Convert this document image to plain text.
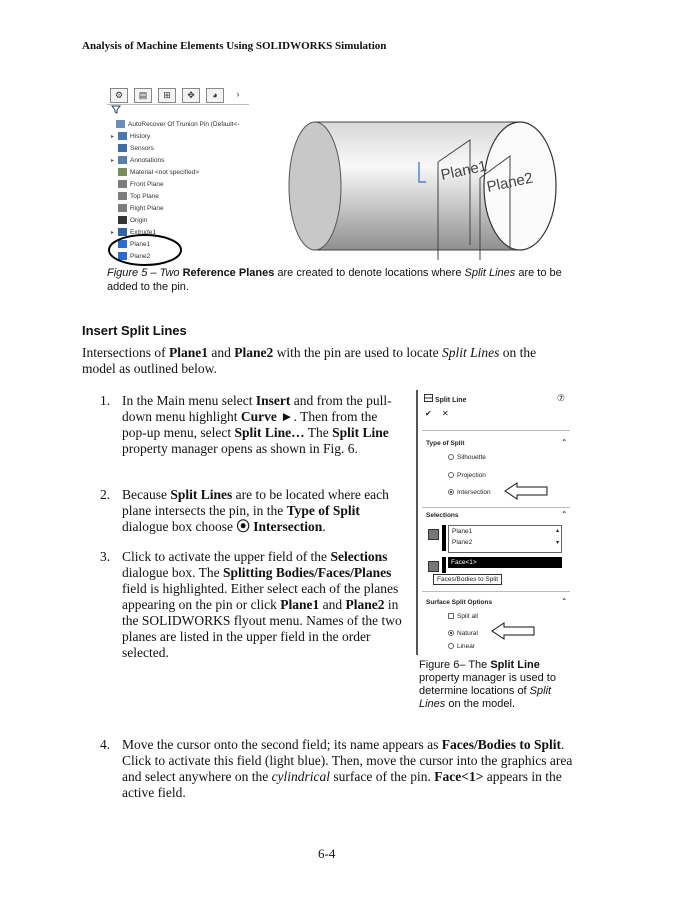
Analysis of Machine Elements Using SOLIDWORKS Simulation
⚙	▤	⊞	✥	◕	›
AutoRecover Of Trunion Pin (Default<-
▸ History
Sensors
▸ Annotations
Material <not specified>
Front Plane
Top Plane
Right Plane
Origin
▸ Extrude1
Plane1
Plane2
Plane1
Plane2
Figure 5 – Two Reference Planes are created to denote locations where Split Lines are to be added to the pin.
Insert Split Lines
Intersections of Plane1 and Plane2 with the pin are used to locate Split Lines on the model as outlined below.
1. In the Main menu select Insert and from the pull-down menu highlight Curve ►. Then from the pop-up menu, select Split Line… The Split Line property manager opens as shown in Fig. 6.
2. Because Split Lines are to be located where each plane intersects the pin, in the Type of Split dialogue box choose ⦿ Intersection.
3. Click to activate the upper field of the Selections dialogue box. The Splitting Bodies/Faces/Planes field is highlighted. Either select each of the planes appearing on the pin or click Plane1 and Plane2 in the SOLIDWORKS flyout menu. Names of the two planes are listed in the upper field in the order selected.
4. Move the cursor onto the second field; its name appears as Faces/Bodies to Split. Click to activate this field (light blue). Then, move the cursor into the graphics area and select anywhere on the cylindrical surface of the pin. Face<1> appears in the active field.
Split Line	⑦
✔ ✕
Type of Split	⌃
Silhouette
Projection
Intersection
Selections	⌃
Plane1
Plane2
▴
▾
Face<1>
Faces/Bodies to Split
Surface Split Options	⌃
Split all
Natural
Linear
Figure 6– The Split Line property manager is used to determine locations of Split Lines on the model.
6-4
